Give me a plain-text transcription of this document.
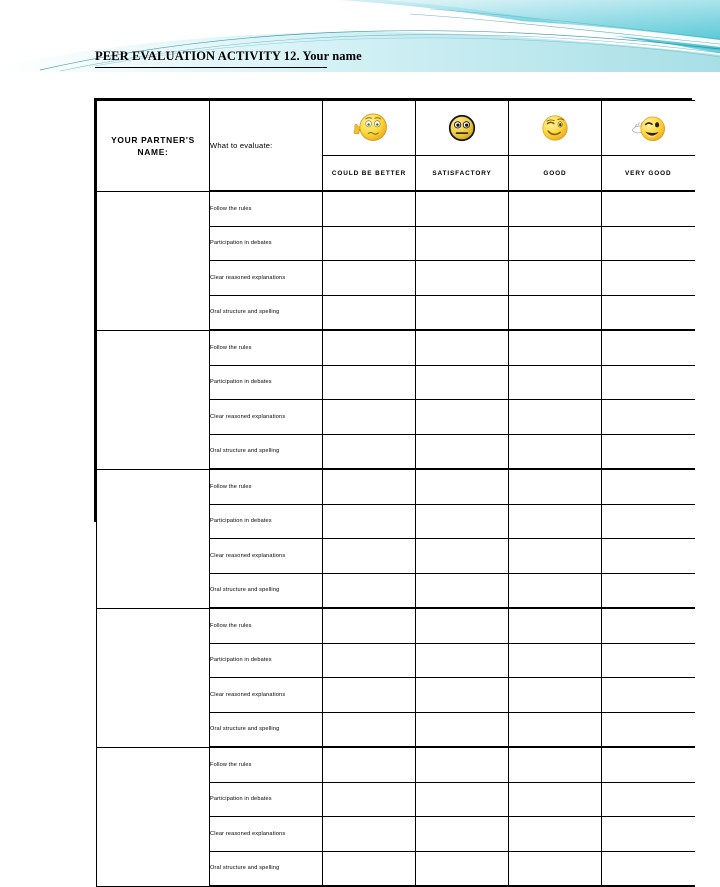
PEER EVALUATION ACTIVITY 12. Your name
YOUR PARTNER'S NAME:	What to evaluate:				
		COULD BE BETTER	SATISFACTORY	GOOD	VERY GOOD
	Follow the rules				
	Participation in debates				
	Clear reasoned explanations				
	Oral structure and spelling				
	Follow the rules				
	Participation in debates				
	Clear reasoned explanations				
	Oral structure and spelling				
	Follow the rules				
	Participation in debates				
	Clear reasoned explanations				
	Oral structure and spelling				
	Follow the rules				
	Participation in debates				
	Clear reasoned explanations				
	Oral structure and spelling				
	Follow the rules				
	Participation in debates				
	Clear reasoned explanations				
	Oral structure and spelling				
